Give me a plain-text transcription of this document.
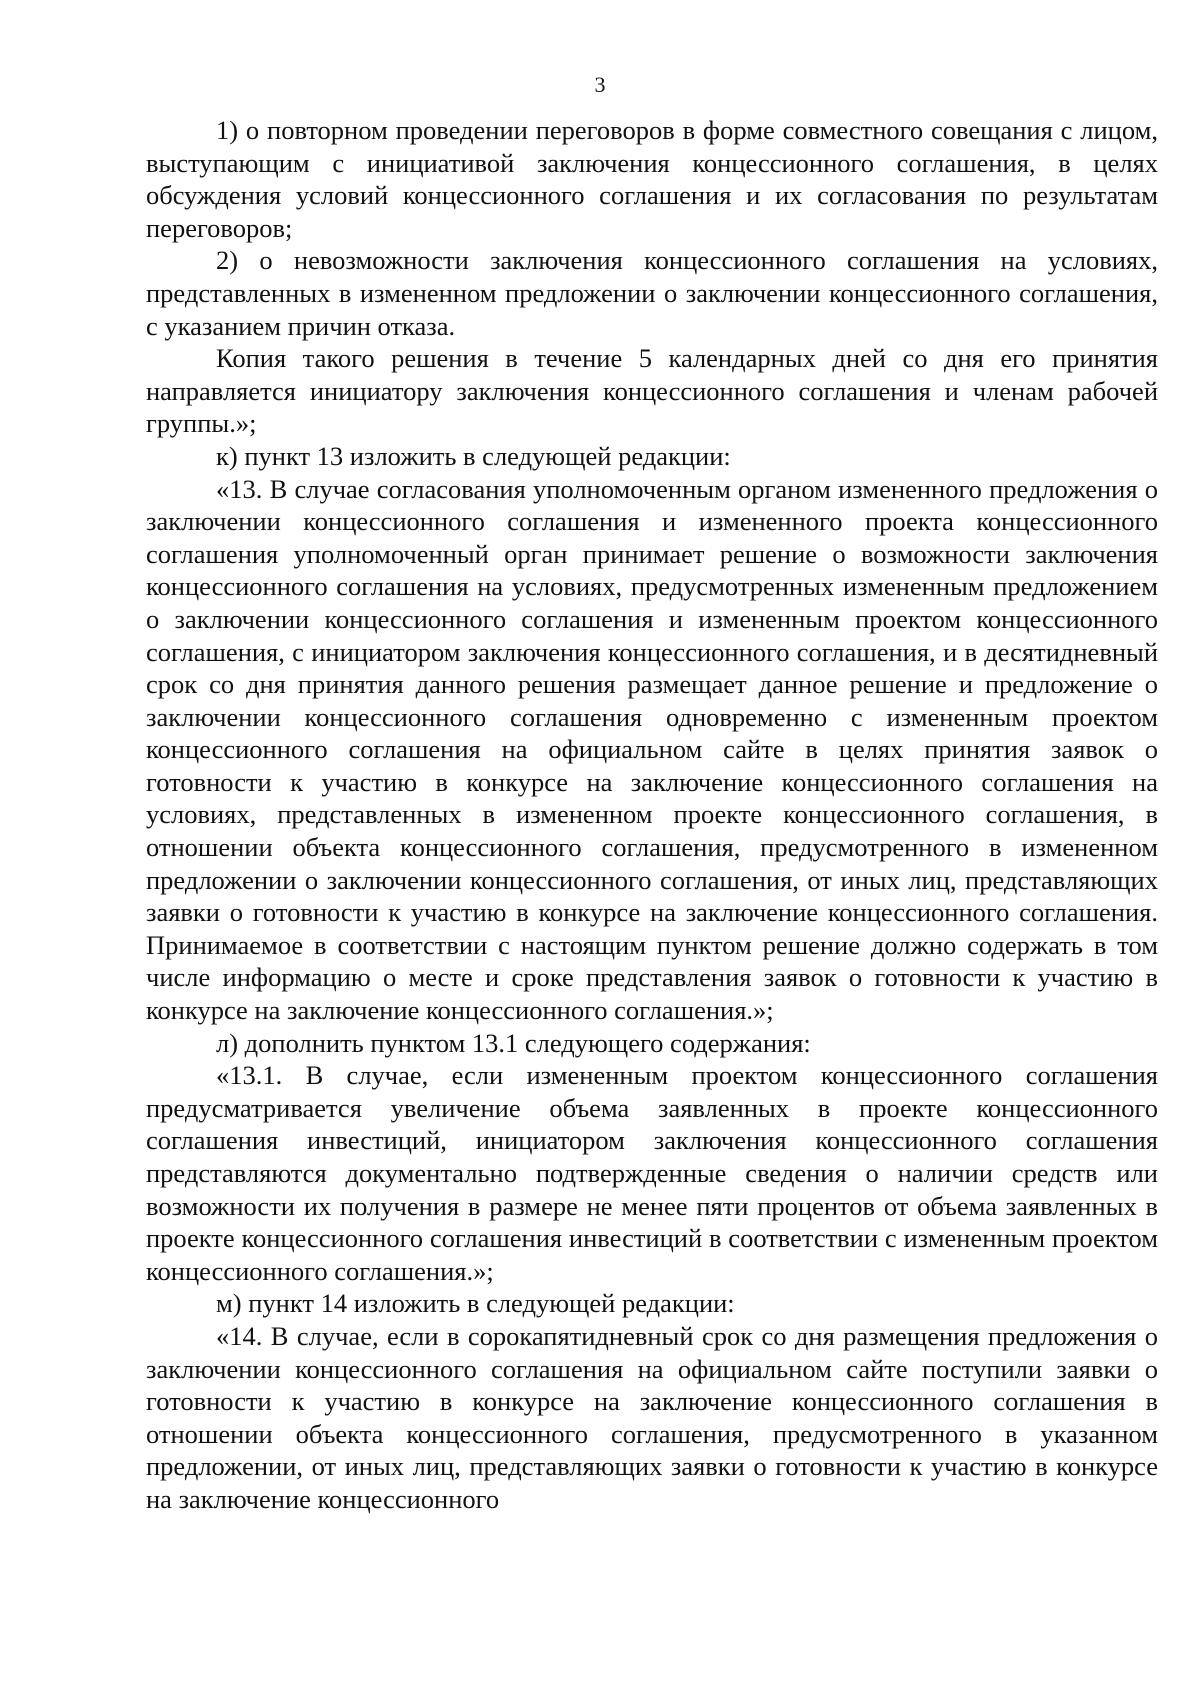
3

1) о повторном проведении переговоров в форме совместного совещания с лицом, выступающим с инициативой заключения концессионного соглашения, в целях обсуждения условий концессионного соглашения и их согласования по результатам переговоров;

2) о невозможности заключения концессионного соглашения на условиях, представленных в измененном предложении о заключении концессионного соглашения, с указанием причин отказа.

Копия такого решения в течение 5 календарных дней со дня его принятия направляется инициатору заключения концессионного соглашения и членам рабочей группы.»;

к) пункт 13 изложить в следующей редакции:

«13. В случае согласования уполномоченным органом измененного предложения о заключении концессионного соглашения и измененного проекта концессионного соглашения уполномоченный орган принимает решение о возможности заключения концессионного соглашения на условиях, предусмотренных измененным предложением о заключении концессионного соглашения и измененным проектом концессионного соглашения, с инициатором заключения концессионного соглашения, и в десятидневный срок со дня принятия данного решения размещает данное решение и предложение о заключении концессионного соглашения одновременно с измененным проектом концессионного соглашения на официальном сайте в целях принятия заявок о готовности к участию в конкурсе на заключение концессионного соглашения на условиях, представленных в измененном проекте концессионного соглашения, в отношении объекта концессионного соглашения, предусмотренного в измененном предложении о заключении концессионного соглашения, от иных лиц, представляющих заявки о готовности к участию в конкурсе на заключение концессионного соглашения. Принимаемое в соответствии с настоящим пунктом решение должно содержать в том числе информацию о месте и сроке представления заявок о готовности к участию в конкурсе на заключение концессионного соглашения.»;

л) дополнить пунктом 13.1 следующего содержания:

«13.1. В случае, если измененным проектом концессионного соглашения предусматривается увеличение объема заявленных в проекте концессионного соглашения инвестиций, инициатором заключения концессионного соглашения представляются документально подтвержденные сведения о наличии средств или возможности их получения в размере не менее пяти процентов от объема заявленных в проекте концессионного соглашения инвестиций в соответствии с измененным проектом концессионного соглашения.»;

м) пункт 14 изложить в следующей редакции:

«14. В случае, если в сорокапятидневный срок со дня размещения предложения о заключении концессионного соглашения на официальном сайте поступили заявки о готовности к участию в конкурсе на заключение концессионного соглашения в отношении объекта концессионного соглашения, предусмотренного в указанном предложении, от иных лиц, представляющих заявки о готовности к участию в конкурсе на заключение концессионного
